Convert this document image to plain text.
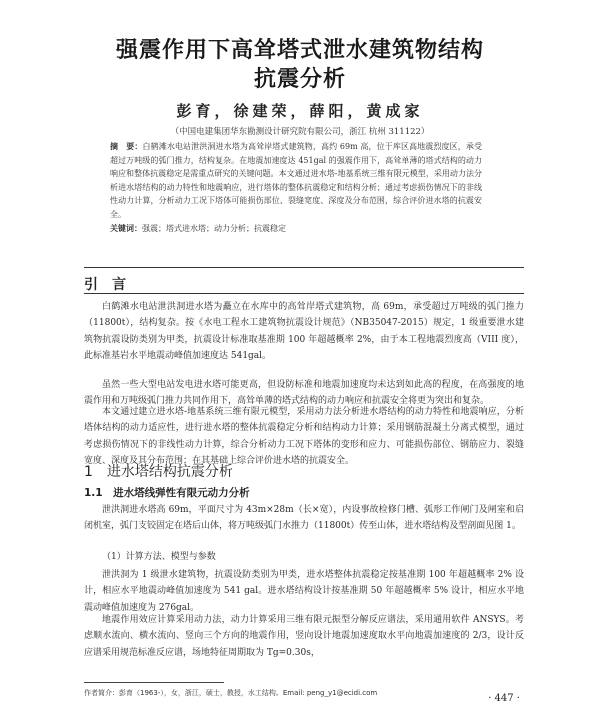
强震作用下高耸塔式泄水建筑物结构
抗震分析
彭育，徐建荣，薛阳，黄成家
（中国电建集团华东勘测设计研究院有限公司，浙江 杭州 311122）
摘　要：白鹤滩水电站泄洪洞进水塔为高耸岸塔式建筑物，高约 69m 高，位于库区高地震烈度区，承受超过万吨级的弧门推力，结构复杂。在地震加速度达 451gal 的强震作用下，高耸单薄的塔式结构的动力响应和整体抗震稳定是需重点研究的关键问题。本文通过进水塔-地基系统三维有限元模型，采用动力法分析进水塔结构的动力特性和地震响应，进行塔体的整体抗震稳定和结构分析；通过考虑损伤情况下的非线性动力计算，分析动力工况下塔体可能损伤部位、裂缝宽度、深度及分布范围，综合评价进水塔的抗震安全。
关键词：强震；塔式进水塔；动力分析；抗震稳定
引言

白鹤滩水电站泄洪洞进水塔为矗立在水库中的高耸岸塔式建筑物，高 69m，承受超过万吨级的弧门推力（11800t），结构复杂。按《水电工程水工建筑物抗震设计规范》（NB35047-2015）规定，1 级重要泄水建筑物抗震设防类别为甲类，抗震设计标准取基准期 100 年超越概率 2%，由于本工程地震烈度高（VIII 度），此标准基岩水平地震动峰值加速度达 541gal。

虽然一些大型电站发电进水塔可能更高，但设防标准和地震加速度均未达到如此高的程度，在高强度的地震作用和万吨级弧门推力共同作用下，高耸单薄的塔式结构的动力响应和抗震安全将更为突出和复杂。

本文通过建立进水塔-地基系统三维有限元模型，采用动力法分析进水塔结构的动力特性和地震响应，分析塔体结构的动力适应性，进行进水塔的整体抗震稳定分析和结构动力计算；采用钢筋混凝土分离式模型，通过考虑损伤情况下的非线性动力计算，综合分析动力工况下塔体的变形和应力、可能损伤部位、钢筋应力、裂缝宽度、深度及其分布范围；在其基础上综合评价进水塔的抗震安全。

1　进水塔结构抗震分析
1.1　进水塔线弹性有限元动力分析

泄洪洞进水塔高 69m，平面尺寸为 43m×28m（长×宽），内设事故检修门槽、弧形工作闸门及闸室和启闭机室，弧门支铰固定在塔后山体，将万吨级弧门水推力（11800t）传至山体，进水塔结构及型剖面见图 1。

（1）计算方法、模型与参数

泄洪洞为 1 级泄水建筑物，抗震设防类别为甲类，进水塔整体抗震稳定按基准期 100 年超越概率 2% 设计，相应水平地震动峰值加速度为 541 gal。进水塔结构设计按基准期 50 年超越概率 5% 设计，相应水平地震动峰值加速度为 276gal。

地震作用效应计算采用动力法，动力计算采用三维有限元振型分解反应谱法，采用通用软件 ANSYS。考虑顺水流向、横水流向、竖向三个方向的地震作用，竖向设计地震加速度取水平向地震加速度的 2/3，设计反应谱采用规范标准反应谱，场地特征周期取为 Tg=0.30s，

作者简介：彭育（1963-），女，浙江，硕士，教授，水工结构。Email: peng_y1@ecidi.com	· 447 ·
